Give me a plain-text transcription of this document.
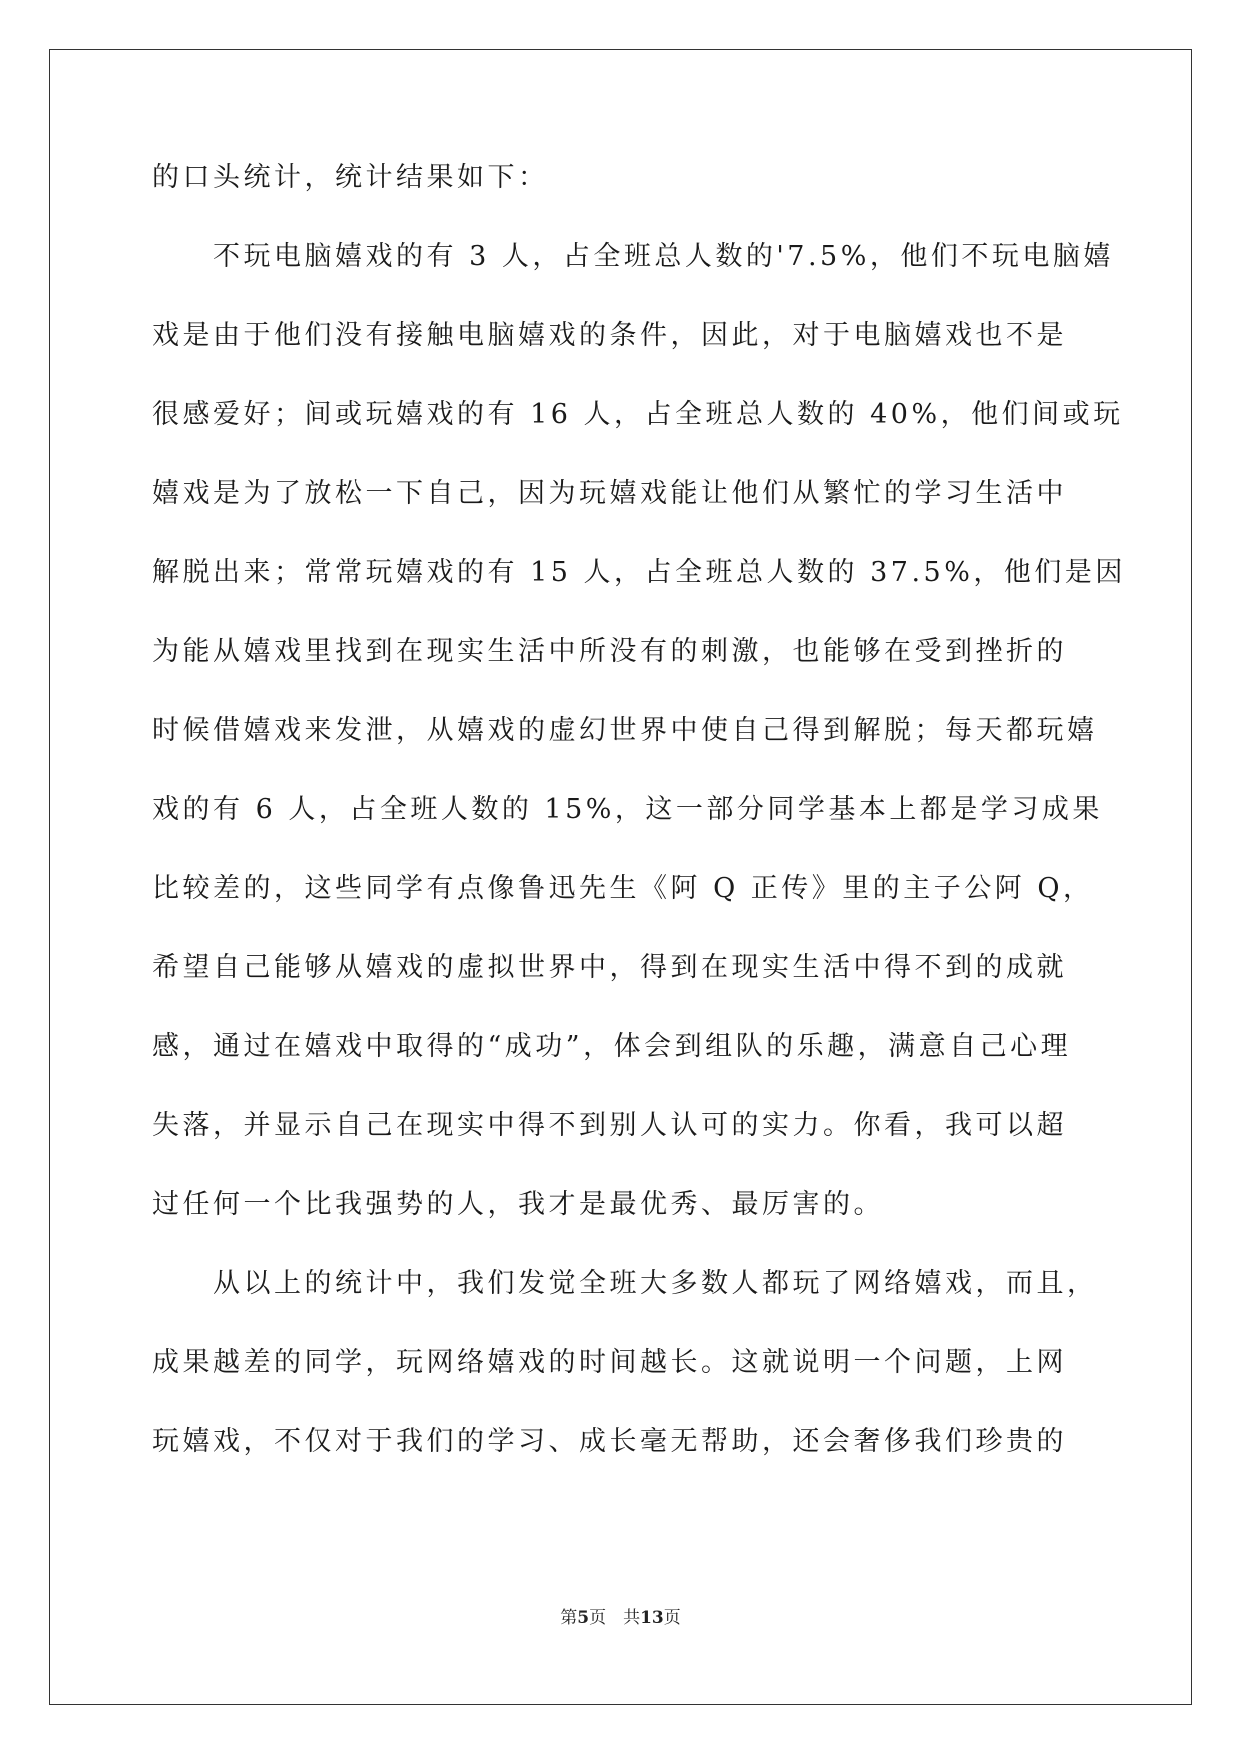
的口头统计，统计结果如下：
　　不玩电脑嬉戏的有 3 人，占全班总人数的'7.5%，他们不玩电脑嬉
戏是由于他们没有接触电脑嬉戏的条件，因此，对于电脑嬉戏也不是
很感爱好；间或玩嬉戏的有 16 人，占全班总人数的 40%，他们间或玩
嬉戏是为了放松一下自己，因为玩嬉戏能让他们从繁忙的学习生活中
解脱出来；常常玩嬉戏的有 15 人，占全班总人数的 37.5%，他们是因
为能从嬉戏里找到在现实生活中所没有的刺激，也能够在受到挫折的
时候借嬉戏来发泄，从嬉戏的虚幻世界中使自己得到解脱；每天都玩嬉
戏的有 6 人，占全班人数的 15%，这一部分同学基本上都是学习成果
比较差的，这些同学有点像鲁迅先生《阿 Q 正传》里的主子公阿 Q，
希望自己能够从嬉戏的虚拟世界中，得到在现实生活中得不到的成就
感，通过在嬉戏中取得的“成功”，体会到组队的乐趣，满意自己心理
失落，并显示自己在现实中得不到别人认可的实力。你看，我可以超
过任何一个比我强势的人，我才是最优秀、最厉害的。
　　从以上的统计中，我们发觉全班大多数人都玩了网络嬉戏，而且，
成果越差的同学，玩网络嬉戏的时间越长。这就说明一个问题，上网
玩嬉戏，不仅对于我们的学习、成长毫无帮助，还会奢侈我们珍贵的
第5页　共13页
